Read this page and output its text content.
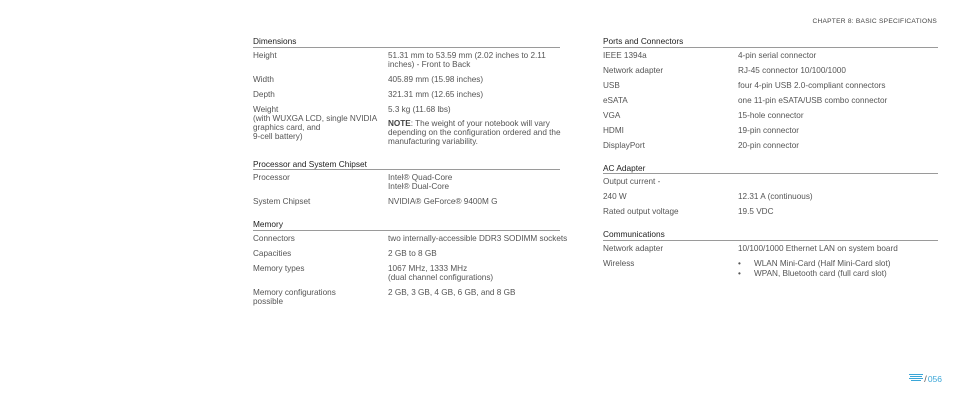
CHAPTER 8: BASIC SPECIFICATIONS
Dimensions
Height	51.31 mm to 53.59 mm (2.02 inches to 2.11 inches) - Front to Back
Width	405.89 mm (15.98 inches)
Depth	321.31 mm (12.65 inches)
Weight
(with WUXGA LCD, single NVIDIA graphics card, and
9-cell battery)
5.3 kg (11.68 lbs)
NOTE: The weight of your notebook will vary depending on the configuration ordered and the manufacturing variability.
Processor and System Chipset
Processor	Intel® Quad-Core
Intel® Dual-Core
System Chipset	NVIDIA® GeForce® 9400M G
Memory
Connectors	two internally-accessible DDR3 SODIMM sockets
Capacities	2 GB to 8 GB
Memory types	1067 MHz, 1333 MHz
(dual channel configurations)
Memory configurations
possible
2 GB, 3 GB, 4 GB, 6 GB, and 8 GB
Ports and Connectors
IEEE 1394a	4-pin serial connector
Network adapter	RJ-45 connector 10/100/1000
USB	four 4-pin USB 2.0-compliant connectors
eSATA	one 11-pin eSATA/USB combo connector
VGA	15-hole connector
HDMI	19-pin connector
DisplayPort	20-pin connector
AC Adapter
Output current -
240 W	12.31 A (continuous)
Rated output voltage	19.5 VDC
Communications
Network adapter	10/100/1000 Ethernet LAN on system board
Wireless
•	WLAN Mini-Card (Half Mini-Card slot)
• WPAN, Bluetooth card (full card slot)
/ 056
